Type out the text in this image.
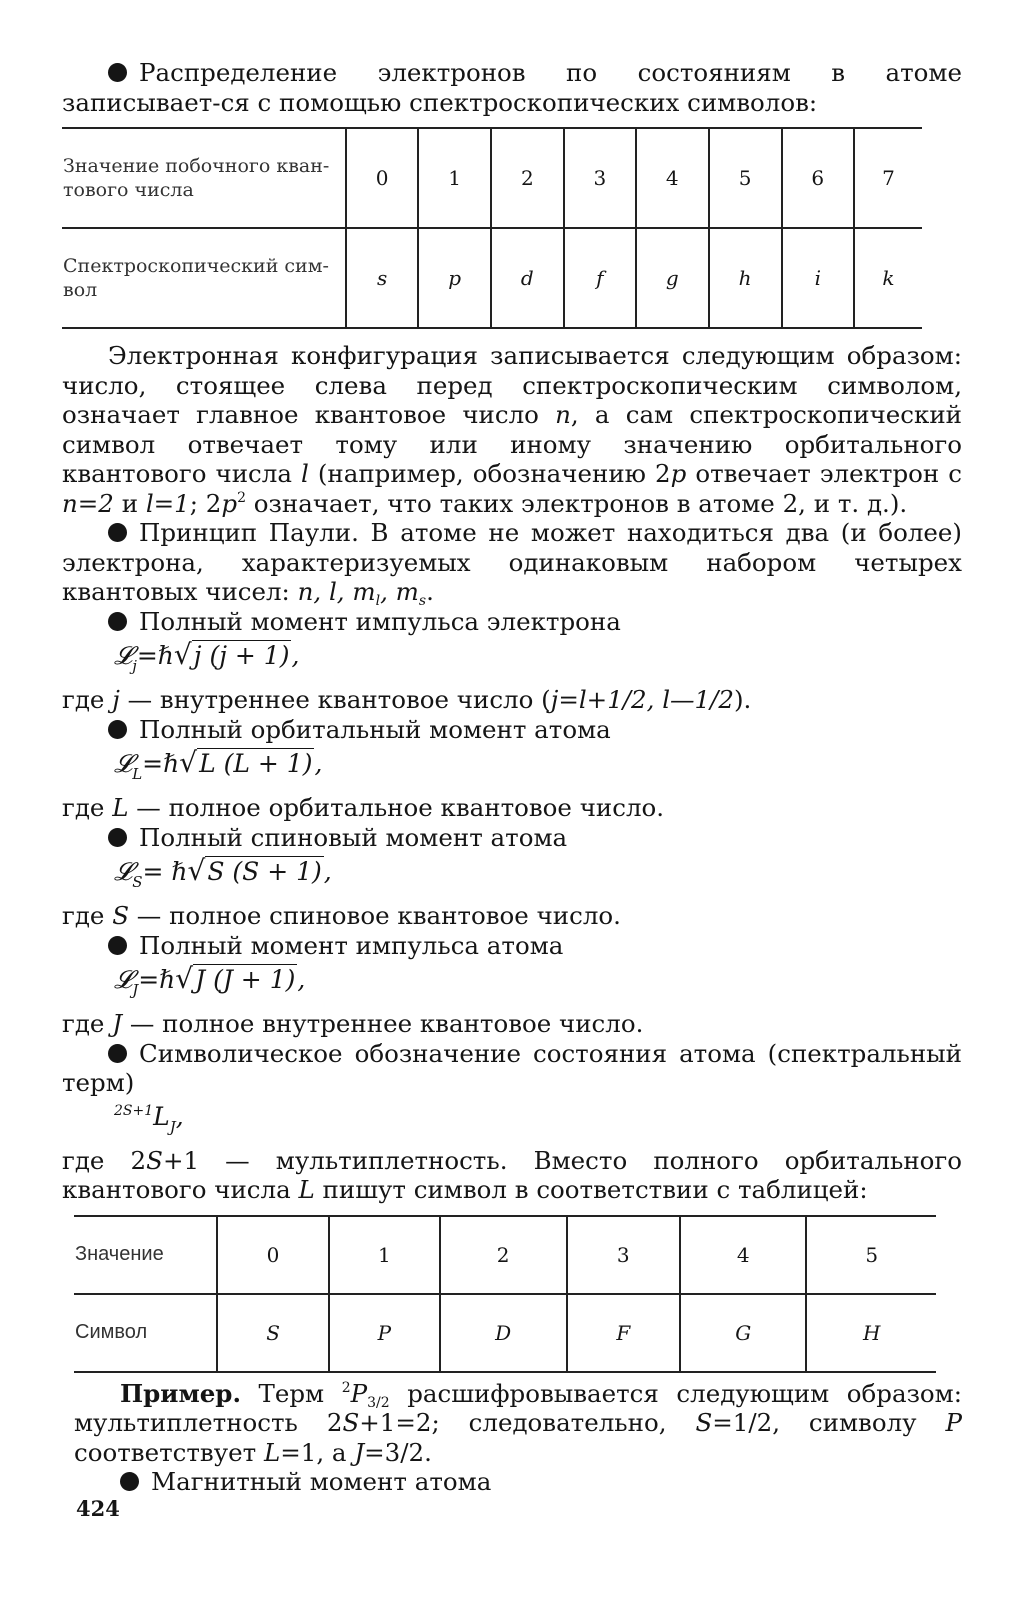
Распределение электронов по состояниям в атоме записывает-ся с помощью спектроскопических символов:

Значение побочного кван-тового числа	0	1	2	3	4	5	6	7
Спектроскопический сим-вол	s	p	d	f	g	h	i	k

Электронная конфигурация записывается следующим образом: число, стоящее слева перед спектроскопическим символом, означает главное квантовое число n, а сам спектроскопический символ отвечает тому или иному значению орбитального квантового числа l (например, обозначению 2p отвечает электрон с n=2 и l=1; $2p^2$ означает, что таких электронов в атоме 2, и т. д.).

Принцип Паули. В атоме не может находиться два (и более) электрона, характеризуемых одинаковым набором четырех квантовых чисел: n, l, $m_l$, $m_s$.

Полный момент импульса электрона

𝓛$_j$=ℏ√j (j + 1),

где j — внутреннее квантовое число (j=l+1/2, l—1/2).

Полный орбитальный момент атома

𝓛$_L$=ℏ√L (L + 1),

где L — полное орбитальное квантовое число.

Полный спиновый момент атома

𝓛$_S$= ℏ√S (S + 1),

где S — полное спиновое квантовое число.

Полный момент импульса атома

𝓛$_J$=ℏ√J (J + 1),

где J — полное внутреннее квантовое число.

Символическое обозначение состояния атома (спектральный терм)

$^{2S+1}L_J$,

где 2S+1 — мультиплетность. Вместо полного орбитального квантового числа L пишут символ в соответствии с таблицей:

Значение	0	1	2	3	4	5
Символ	S	P	D	F	G	H

Пример. Терм $^2P_{3/2}$ расшифровывается следующим образом: мультиплетность 2S+1=2; следовательно, S=1/2, символу P соответствует L=1, а J=3/2.

Магнитный момент атома

424
